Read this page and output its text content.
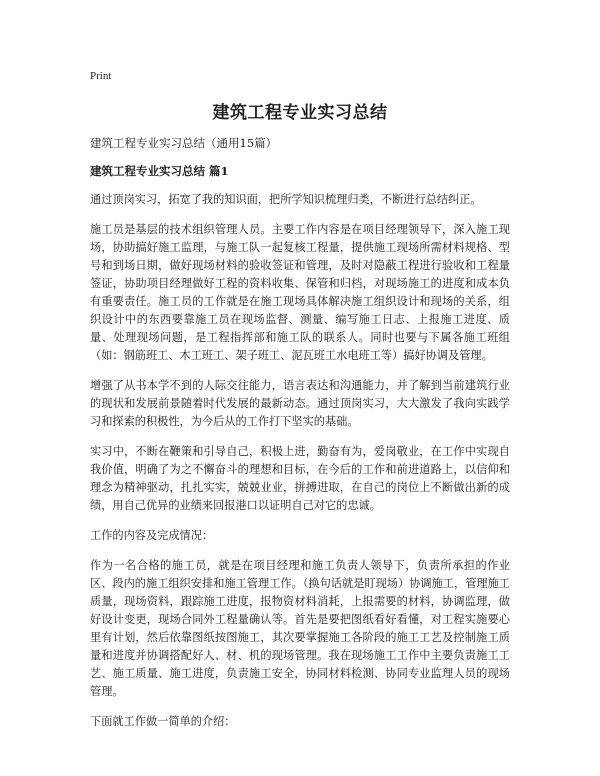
Print
建筑工程专业实习总结
建筑工程专业实习总结（通用15篇）
建筑工程专业实习总结 篇1

通过顶岗实习，拓宽了我的知识面，把所学知识梳理归类，不断进行总结纠正。

施工员是基层的技术组织管理人员。主要工作内容是在项目经理领导下，深入施工现场，协助搞好施工监理，与施工队一起复核工程量，提供施工现场所需材料规格、型号和到场日期，做好现场材料的验收签证和管理，及时对隐蔽工程进行验收和工程量签证，协助项目经理做好工程的资料收集、保管和归档，对现场施工的进度和成本负有重要责任。施工员的工作就是在施工现场具体解决施工组织设计和现场的关系，组织设计中的东西要靠施工员在现场监督、测量、编写施工日志、上报施工进度、质量、处理现场问题，是工程指挥部和施工队的联系人。同时也要与下属各施工班组（如：钢筋班工、木工班工、架子班工、泥瓦班工水电班工等）搞好协调及管理。

增强了从书本学不到的人际交往能力，语言表达和沟通能力，并了解到当前建筑行业的现状和发展前景随着时代发展的最新动态。通过顶岗实习，大大激发了我向实践学习和探索的积极性，为今后从的工作打下坚实的基础。

实习中，不断在鞭策和引导自己，积极上进，勤奋有为，爱岗敬业，在工作中实现自我价值，明确了为之不懈奋斗的理想和目标，在今后的工作和前进道路上，以信仰和理念为精神驱动，扎扎实实，兢兢业业，拼搏进取，在自己的岗位上不断做出新的成绩，用自己优异的业绩来回报港口以证明自己对它的忠诚。

工作的内容及完成情况：

作为一名合格的施工员，就是在项目经理和施工负责人领导下，负责所承担的作业区、段内的施工组织安排和施工管理工作。（换句话就是盯现场）协调施工，管理施工质量，现场资料，跟踪施工进度，报物资材料消耗，上报需要的材料，协调监理，做好设计变更，现场合同外工程量确认等。首先是要把图纸看好看懂，对工程实施要心里有计划，然后依靠图纸按图施工，其次要掌握施工各阶段的施工工艺及控制施工质量和进度并协调搭配好人、材、机的现场管理。我在现场施工工作中主要负责施工工艺、施工质量、施工进度，负责施工安全，协同材料检测、协同专业监理人员的现场管理。

下面就工作做一简单的介绍：
